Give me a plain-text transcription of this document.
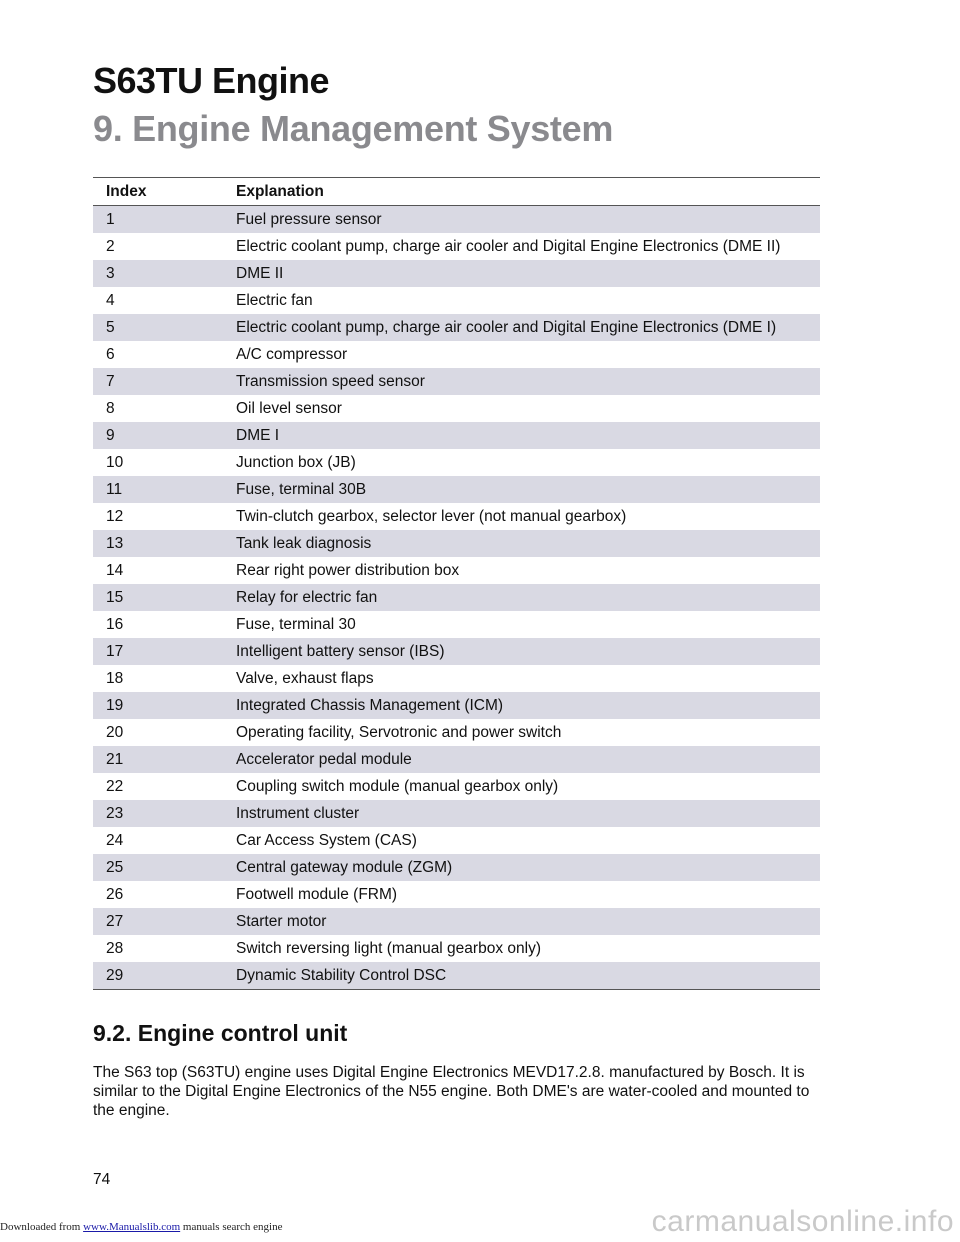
S63TU Engine
9. Engine Management System
Index	Explanation
1	Fuel pressure sensor
2	Electric coolant pump, charge air cooler and Digital Engine Electronics (DME II)
3	DME II
4	Electric fan
5	Electric coolant pump, charge air cooler and Digital Engine Electronics (DME I)
6	A/C compressor
7	Transmission speed sensor
8	Oil level sensor
9	DME I
10	Junction box (JB)
11	Fuse, terminal 30B
12	Twin-clutch gearbox, selector lever (not manual gearbox)
13	Tank leak diagnosis
14	Rear right power distribution box
15	Relay for electric fan
16	Fuse, terminal 30
17	Intelligent battery sensor (IBS)
18	Valve, exhaust flaps
19	Integrated Chassis Management (ICM)
20	Operating facility, Servotronic and power switch
21	Accelerator pedal module
22	Coupling switch module (manual gearbox only)
23	Instrument cluster
24	Car Access System (CAS)
25	Central gateway module (ZGM)
26	Footwell module (FRM)
27	Starter motor
28	Switch reversing light (manual gearbox only)
29	Dynamic Stability Control DSC
9.2. Engine control unit

The S63 top (S63TU) engine uses Digital Engine Electronics MEVD17.2.8. manufactured by Bosch. It is similar to the Digital Engine Electronics of the N55 engine. Both DME's are water-cooled and mounted to the engine.

74
Downloaded from www.Manualslib.com manuals search engine	carmanualsonline.info
